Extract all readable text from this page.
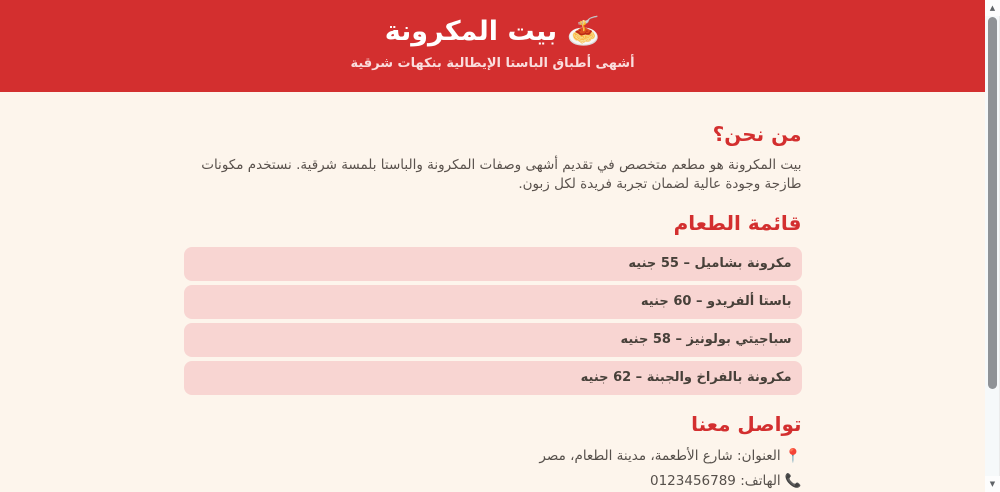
🍝 بيت المكرونة

أشهى أطباق الباستا الإيطالية بنكهات شرقية

من نحن؟

بيت المكرونة هو مطعم متخصص في تقديم أشهى وصفات المكرونة والباستا بلمسة شرقية. نستخدم مكونات طازجة وجودة عالية لضمان تجربة فريدة لكل زبون.

قائمة الطعام
مكرونة بشاميل – 55 جنيه
باستا ألفريدو – 60 جنيه
سباجيتي بولونيز – 58 جنيه
مكرونة بالفراخ والجبنة – 62 جنيه
تواصل معنا

📍العنوان: شارع الأطعمة، مدينة الطعام، مصر

📞الهاتف: 0123456789

▲
▼
